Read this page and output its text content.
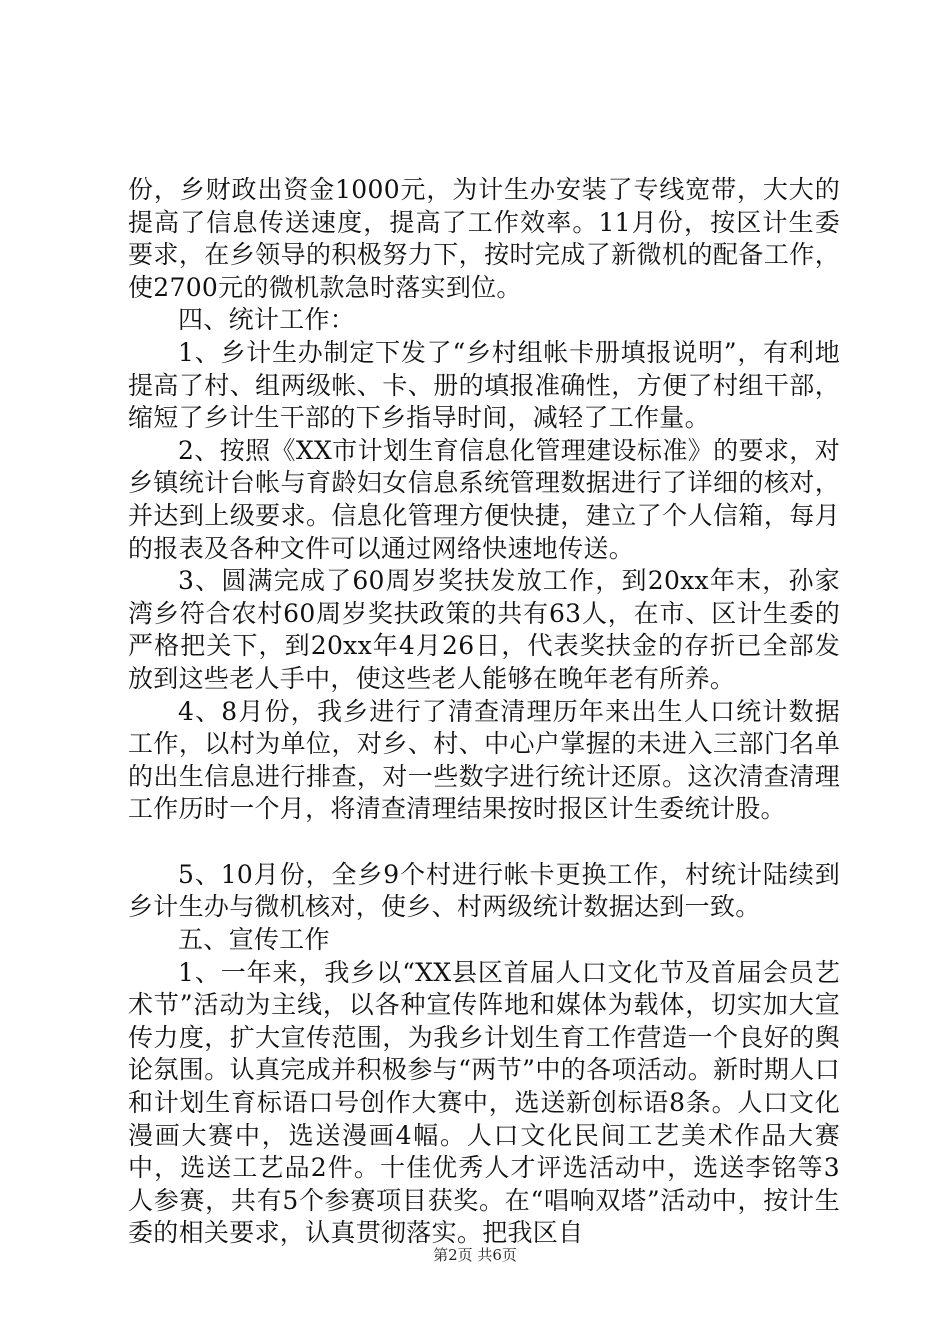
份，乡财政出资金1000元，为计生办安装了专线宽带，大大的提高了信息传送速度，提高了工作效率。11月份，按区计生委要求，在乡领导的积极努力下，按时完成了新微机的配备工作，使2700元的微机款急时落实到位。

四、统计工作：

1、乡计生办制定下发了“乡村组帐卡册填报说明”，有利地提高了村、组两级帐、卡、册的填报准确性，方便了村组干部，缩短了乡计生干部的下乡指导时间，减轻了工作量。

2、按照《XX市计划生育信息化管理建设标准》的要求，对乡镇统计台帐与育龄妇女信息系统管理数据进行了详细的核对，并达到上级要求。信息化管理方便快捷，建立了个人信箱，每月的报表及各种文件可以通过网络快速地传送。

3、圆满完成了60周岁奖扶发放工作，到20xx年末，孙家湾乡符合农村60周岁奖扶政策的共有63人，在市、区计生委的严格把关下，到20xx年4月26日，代表奖扶金的存折已全部发放到这些老人手中，使这些老人能够在晚年老有所养。

4、8月份，我乡进行了清查清理历年来出生人口统计数据工作，以村为单位，对乡、村、中心户掌握的未进入三部门名单的出生信息进行排查，对一些数字进行统计还原。这次清查清理工作历时一个月，将清查清理结果按时报区计生委统计股。

5、10月份，全乡9个村进行帐卡更换工作，村统计陆续到乡计生办与微机核对，使乡、村两级统计数据达到一致。

五、宣传工作

1、一年来，我乡以“XX县区首届人口文化节及首届会员艺术节”活动为主线，以各种宣传阵地和媒体为载体，切实加大宣传力度，扩大宣传范围，为我乡计划生育工作营造一个良好的舆论氛围。认真完成并积极参与“两节”中的各项活动。新时期人口和计划生育标语口号创作大赛中，选送新创标语8条。人口文化漫画大赛中，选送漫画4幅。人口文化民间工艺美术作品大赛中，选送工艺品2件。十佳优秀人才评选活动中，选送李铭等3人参赛，共有5个参赛项目获奖。在“唱响双塔”活动中，按计生委的相关要求，认真贯彻落实。把我区自

第2页 共6页
